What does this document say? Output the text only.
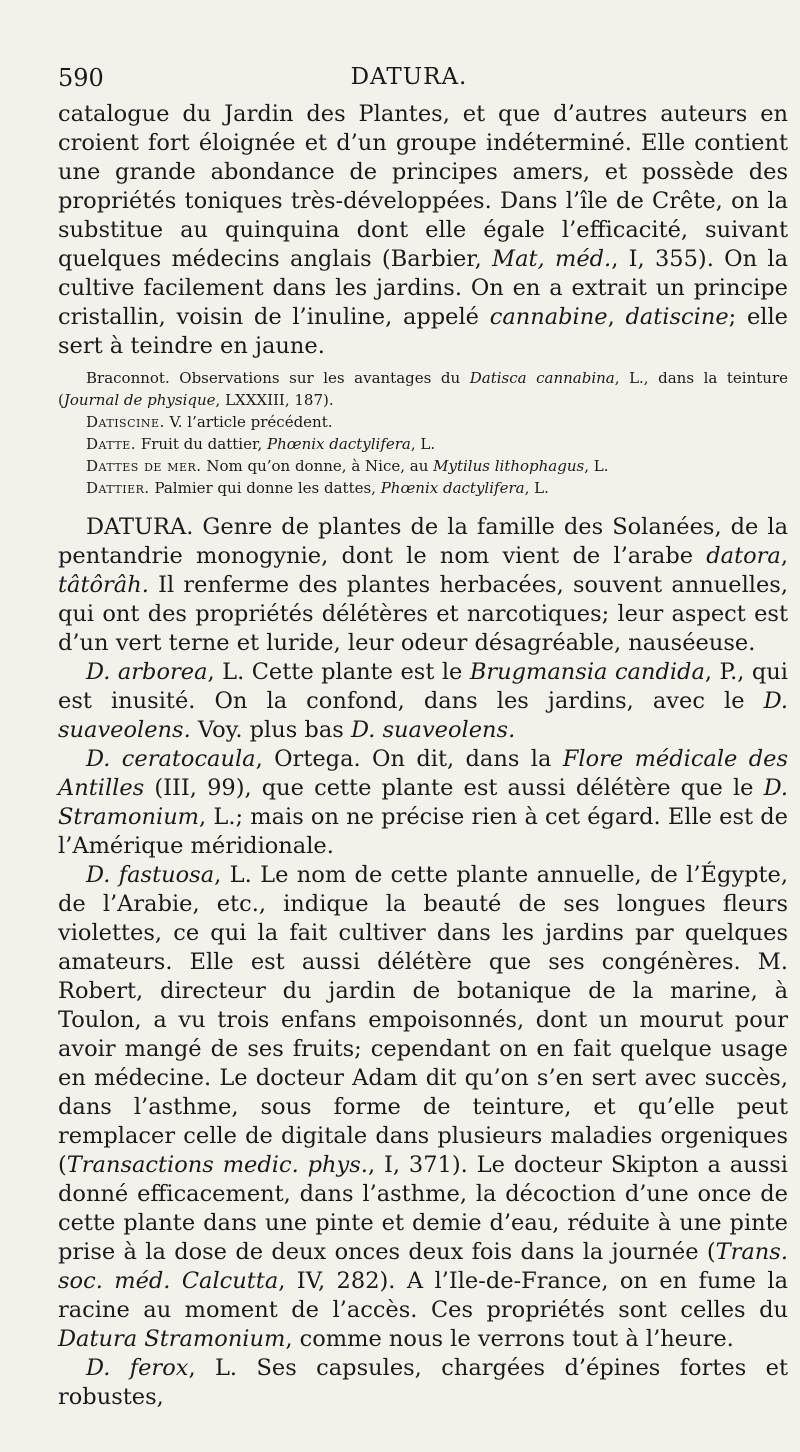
590	DATURA.

catalogue du Jardin des Plantes, et que d’autres auteurs en croient fort éloignée et d’un groupe indéterminé. Elle contient une grande abondance de principes amers, et possède des propriétés toniques très-développées. Dans l’île de Crête, on la substitue au quinquina dont elle égale l’efficacité, suivant quelques médecins anglais (Barbier, Mat, méd., I, 355). On la cultive facilement dans les jardins. On en a extrait un principe cristallin, voisin de l’inuline, appelé cannabine, datiscine; elle sert à teindre en jaune.

Braconnot. Observations sur les avantages du Datisca cannabina, L., dans la teinture (Journal de physique, LXXXIII, 187).

Datiscine. V. l’article précédent.

Datte. Fruit du dattier, Phœnix dactylifera, L.

Dattes de mer. Nom qu’on donne, à Nice, au Mytilus lithophagus, L.

Dattier. Palmier qui donne les dattes, Phœnix dactylifera, L.

DATURA. Genre de plantes de la famille des Solanées, de la pentandrie monogynie, dont le nom vient de l’arabe datora, tâtôrâh. Il renferme des plantes herbacées, souvent annuelles, qui ont des propriétés délétères et narcotiques; leur aspect est d’un vert terne et luride, leur odeur désagréable, nauséeuse.

D. arborea, L. Cette plante est le Brugmansia candida, P., qui est inusité. On la confond, dans les jardins, avec le D. suaveolens. Voy. plus bas D. suaveolens.

D. ceratocaula, Ortega. On dit, dans la Flore médicale des Antilles (III, 99), que cette plante est aussi délétère que le D. Stramonium, L.; mais on ne précise rien à cet égard. Elle est de l’Amérique méridionale.

D. fastuosa, L. Le nom de cette plante annuelle, de l’Égypte, de l’Arabie, etc., indique la beauté de ses longues fleurs violettes, ce qui la fait cultiver dans les jardins par quelques amateurs. Elle est aussi délétère que ses congénères. M. Robert, directeur du jardin de botanique de la marine, à Toulon, a vu trois enfans empoisonnés, dont un mourut pour avoir mangé de ses fruits; cependant on en fait quelque usage en médecine. Le docteur Adam dit qu’on s’en sert avec succès, dans l’asthme, sous forme de teinture, et qu’elle peut remplacer celle de digitale dans plusieurs maladies orgeniques (Transactions medic. phys., I, 371). Le docteur Skipton a aussi donné efficacement, dans l’asthme, la décoction d’une once de cette plante dans une pinte et demie d’eau, réduite à une pinte prise à la dose de deux onces deux fois dans la journée (Trans. soc. méd. Calcutta, IV, 282). A l’Ile-de-France, on en fume la racine au moment de l’accès. Ces propriétés sont celles du Datura Stramonium, comme nous le verrons tout à l’heure.

D. ferox, L. Ses capsules, chargées d’épines fortes et robustes,
